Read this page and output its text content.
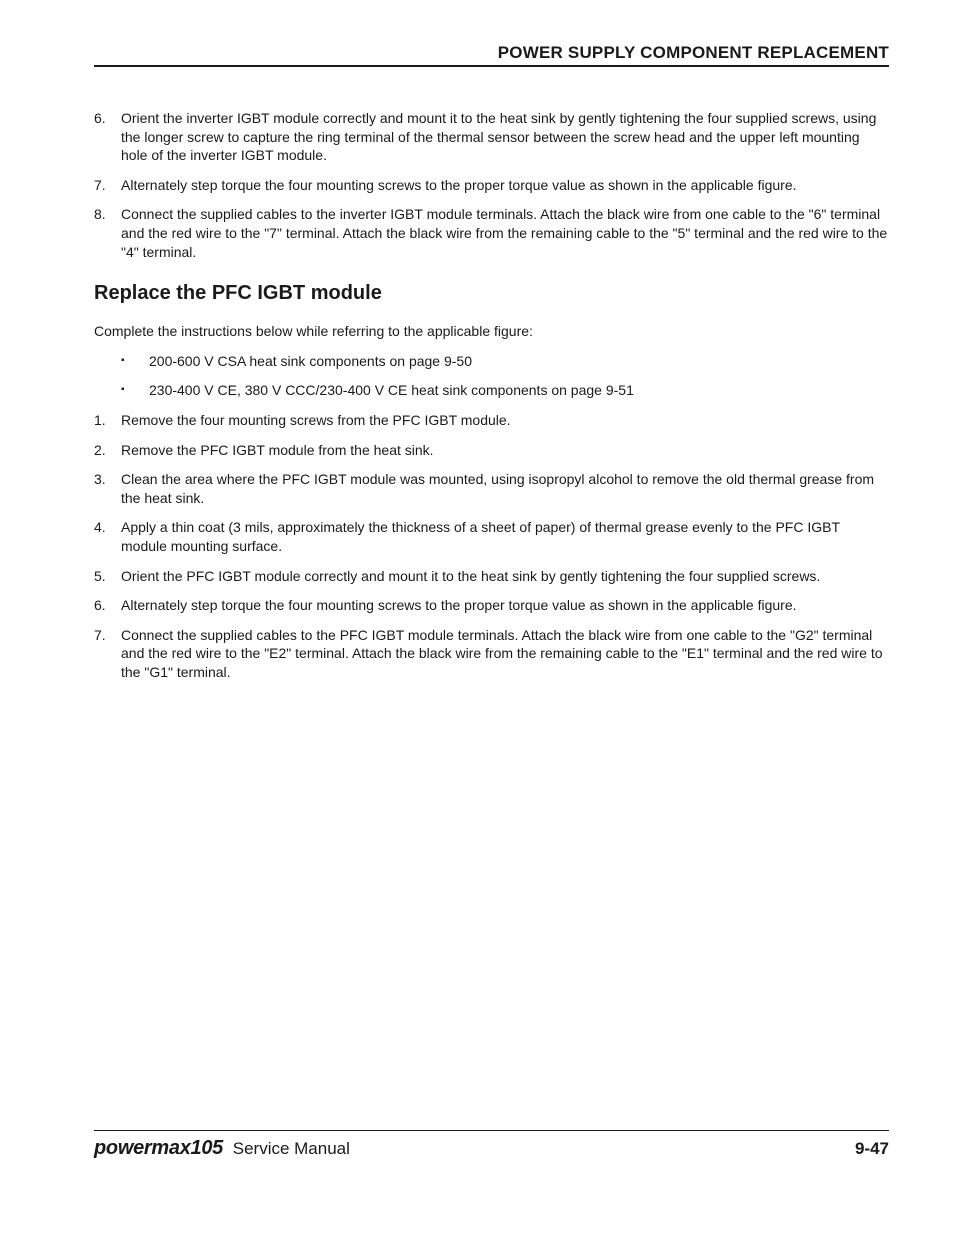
POWER SUPPLY COMPONENT REPLACEMENT
6.	Orient the inverter IGBT module correctly and mount it to the heat sink by gently tightening the four supplied screws, using the longer screw to capture the ring terminal of the thermal sensor between the screw head and the upper left mounting hole of the inverter IGBT module.
7.	Alternately step torque the four mounting screws to the proper torque value as shown in the applicable figure.
8.	Connect the supplied cables to the inverter IGBT module terminals. Attach the black wire from one cable to the "6" terminal and the red wire to the "7" terminal. Attach the black wire from the remaining cable to the "5" terminal and the red wire to the "4" terminal.
Replace the PFC IGBT module
Complete the instructions below while referring to the applicable figure:
▪	200-600 V CSA heat sink components on page 9-50
▪	230-400 V CE, 380 V CCC/230-400 V CE heat sink components on page 9-51
1.	Remove the four mounting screws from the PFC IGBT module.
2.	Remove the PFC IGBT module from the heat sink.
3.	Clean the area where the PFC IGBT module was mounted, using isopropyl alcohol to remove the old thermal grease from the heat sink.
4.	Apply a thin coat (3 mils, approximately the thickness of a sheet of paper) of thermal grease evenly to the PFC IGBT module mounting surface.
5.	Orient the PFC IGBT module correctly and mount it to the heat sink by gently tightening the four supplied screws.
6.	Alternately step torque the four mounting screws to the proper torque value as shown in the applicable figure.
7.	Connect the supplied cables to the PFC IGBT module terminals. Attach the black wire from one cable to the "G2" terminal and the red wire to the "E2" terminal. Attach the black wire from the remaining cable to the "E1" terminal and the red wire to the "G1" terminal.
powermax105 Service Manual	9-47
